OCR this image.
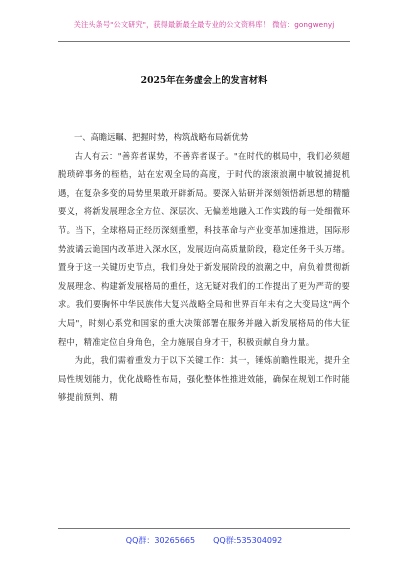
关注头条号"公文研究"，获得最新最全最专业的公文资料库！ 微信：gongwenyj
2025年在务虚会上的发言材料

一、高瞻远瞩、把握时势，构筑战略布局新优势

古人有云："善弈者谋势，不善弈者谋子。"在时代的棋局中，我们必须超脱琐碎事务的桎梏，站在宏观全局的高度，于时代的滚滚浪潮中敏锐捕捉机遇，在复杂多变的局势里果敢开辟新局。要深入钻研并深刻领悟新思想的精髓要义，将新发展理念全方位、深层次、无偏差地融入工作实践的每一处细微环节。当下，全球格局正经历深刻重塑，科技革命与产业变革加速推进，国际形势波谲云诡国内改革进入深水区，发展迈向高质量阶段，稳定任务千头万绪。置身于这一关键历史节点，我们身处于新发展阶段的浪潮之中，肩负着贯彻新发展理念、构建新发展格局的重任，这无疑对我们的工作提出了更为严苛的要求。我们要胸怀中华民族伟大复兴战略全局和世界百年未有之大变局这"两个大局"，时刻心系党和国家的重大决策部署在服务并融入新发展格局的伟大征程中，精准定位自身角色，全力施展自身才干，积极贡献自身力量。

为此，我们需着重发力于以下关键工作：其一，锤炼前瞻性眼光，提升全局性规划能力，优化战略性布局，强化整体性推进效能，确保在规划工作时能够提前预判、精

QQ群：30265665 QQ群:535304092
